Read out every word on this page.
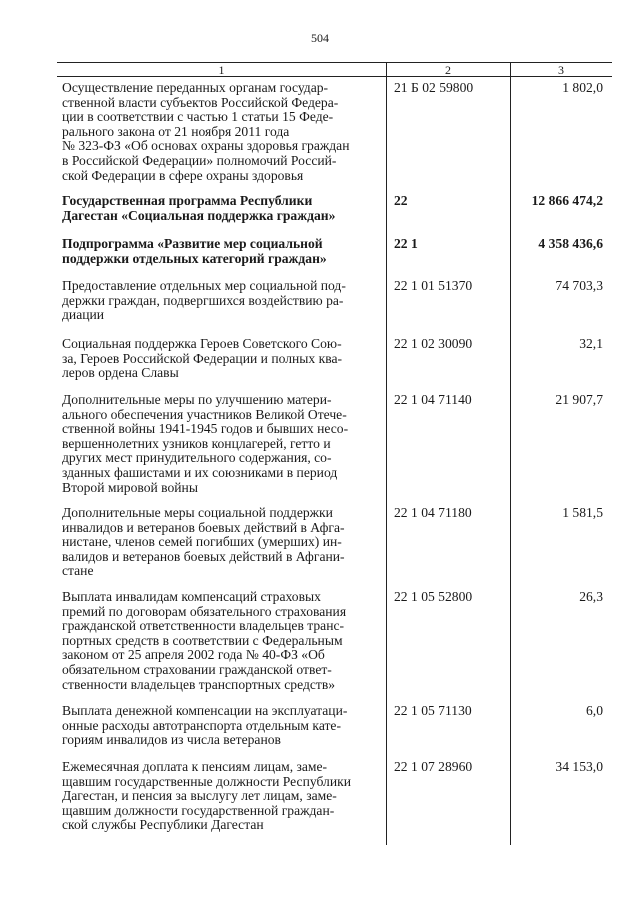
504
1	2	3
Осуществление переданных органам государ-
ственной власти субъектов Российской Федера-
ции в соответствии с частью 1 статьи 15 Феде-
рального закона от 21 ноября 2011 года
№ 323-ФЗ «Об основах охраны здоровья граждан
в Российской Федерации» полномочий Россий-
ской Федерации в сфере охраны здоровья
21 Б 02 59800	1 802,0
Государственная программа Республики
Дагестан «Социальная поддержка граждан»
22	12 866 474,2
Подпрограмма «Развитие мер социальной
поддержки отдельных категорий граждан»
22 1	4 358 436,6
Предоставление отдельных мер социальной под-
держки граждан, подвергшихся воздействию ра-
диации
22 1 01 51370	74 703,3
Социальная поддержка Героев Советского Сою-
за, Героев Российской Федерации и полных ква-
леров ордена Славы
22 1 02 30090	32,1
Дополнительные меры по улучшению матери-
ального обеспечения участников Великой Отече-
ственной войны 1941-1945 годов и бывших несо-
вершеннолетних узников концлагерей, гетто и
других мест принудительного содержания, со-
зданных фашистами и их союзниками в период
Второй мировой войны
22 1 04 71140	21 907,7
Дополнительные меры социальной поддержки
инвалидов и ветеранов боевых действий в Афга-
нистане, членов семей погибших (умерших) ин-
валидов и ветеранов боевых действий в Афгани-
стане
22 1 04 71180	1 581,5
Выплата инвалидам компенсаций страховых
премий по договорам обязательного страхования
гражданской ответственности владельцев транс-
портных средств в соответствии с Федеральным
законом от 25 апреля 2002 года № 40-ФЗ «Об
обязательном страховании гражданской ответ-
ственности владельцев транспортных средств»
22 1 05 52800	26,3
Выплата денежной компенсации на эксплуатаци-
онные расходы автотранспорта отдельным кате-
гориям инвалидов из числа ветеранов
22 1 05 71130	6,0
Ежемесячная доплата к пенсиям лицам, заме-
щавшим государственные должности Республики
Дагестан, и пенсия за выслугу лет лицам, заме-
щавшим должности государственной граждан-
ской службы Республики Дагестан
22 1 07 28960	34 153,0
